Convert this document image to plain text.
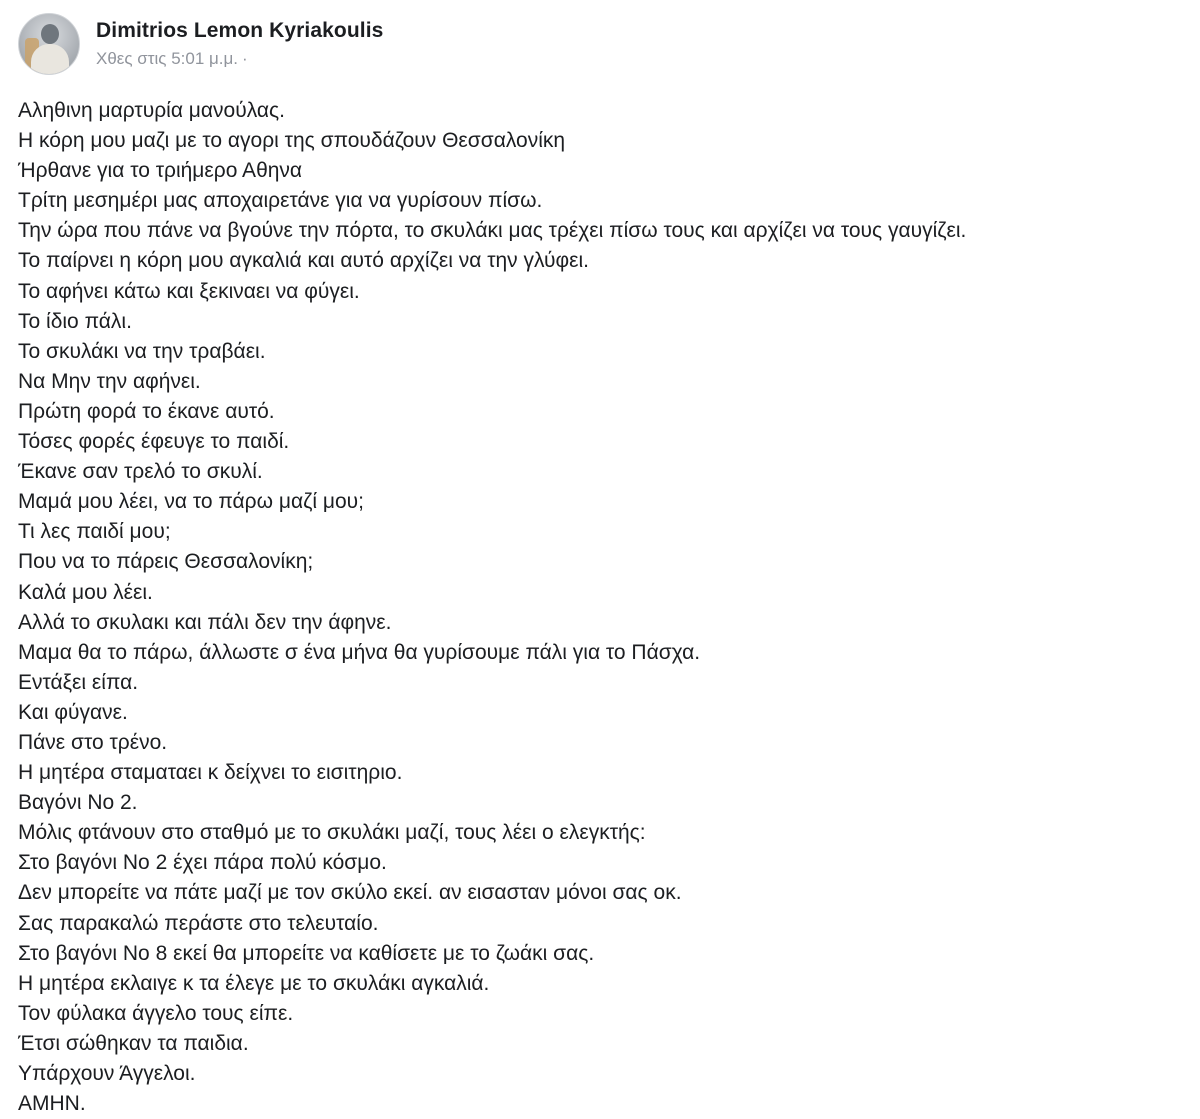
Dimitrios Lemon Kyriakoulis
Χθες στις 5:01 μ.μ. ·
Αληθινη μαρτυρία μανούλας.
Η κόρη μου μαζι με το αγορι της σπουδάζουν Θεσσαλονίκη
Ήρθανε για το τριήμερο Αθηνα
Τρίτη μεσημέρι μας αποχαιρετάνε για να γυρίσουν πίσω.
Την ώρα που πάνε να βγούνε την πόρτα, το σκυλάκι μας τρέχει πίσω τους και αρχίζει να τους γαυγίζει.
Το παίρνει η κόρη μου αγκαλιά και αυτό αρχίζει να την γλύφει.
Το αφήνει κάτω και ξεκιναει να φύγει.
Το ίδιο πάλι.
Το σκυλάκι να την τραβάει.
Να Μην την αφήνει.
Πρώτη φορά το έκανε αυτό.
Τόσες φορές έφευγε το παιδί.
Έκανε σαν τρελό το σκυλί.
Μαμά μου λέει, να το πάρω μαζί μου;
Τι λες παιδί μου;
Που να το πάρεις Θεσσαλονίκη;
Καλά μου λέει.
Αλλά το σκυλακι και πάλι δεν την άφηνε.
Μαμα θα το πάρω, άλλωστε σ ένα μήνα θα γυρίσουμε πάλι για το Πάσχα.
Εντάξει είπα.
Και φύγανε.
Πάνε στο τρένο.
Η μητέρα σταματαει κ δείχνει το εισιτηριο.
Βαγόνι Νο 2.
Μόλις φτάνουν στο σταθμό με το σκυλάκι μαζί, τους λέει ο ελεγκτής:
Στο βαγόνι Νο 2 έχει πάρα πολύ κόσμο.
Δεν μπορείτε να πάτε μαζί με τον σκύλο εκεί. αν εισασταν μόνοι σας οκ.
Σας παρακαλώ περάστε στο τελευταίο.
Στο βαγόνι Νο 8 εκεί θα μπορείτε να καθίσετε με το ζωάκι σας.
Η μητέρα εκλαιγε κ τα έλεγε με το σκυλάκι αγκαλιά.
Τον φύλακα άγγελο τους είπε.
Έτσι σώθηκαν τα παιδια.
Υπάρχουν Άγγελοι.
ΑΜΗΝ.
